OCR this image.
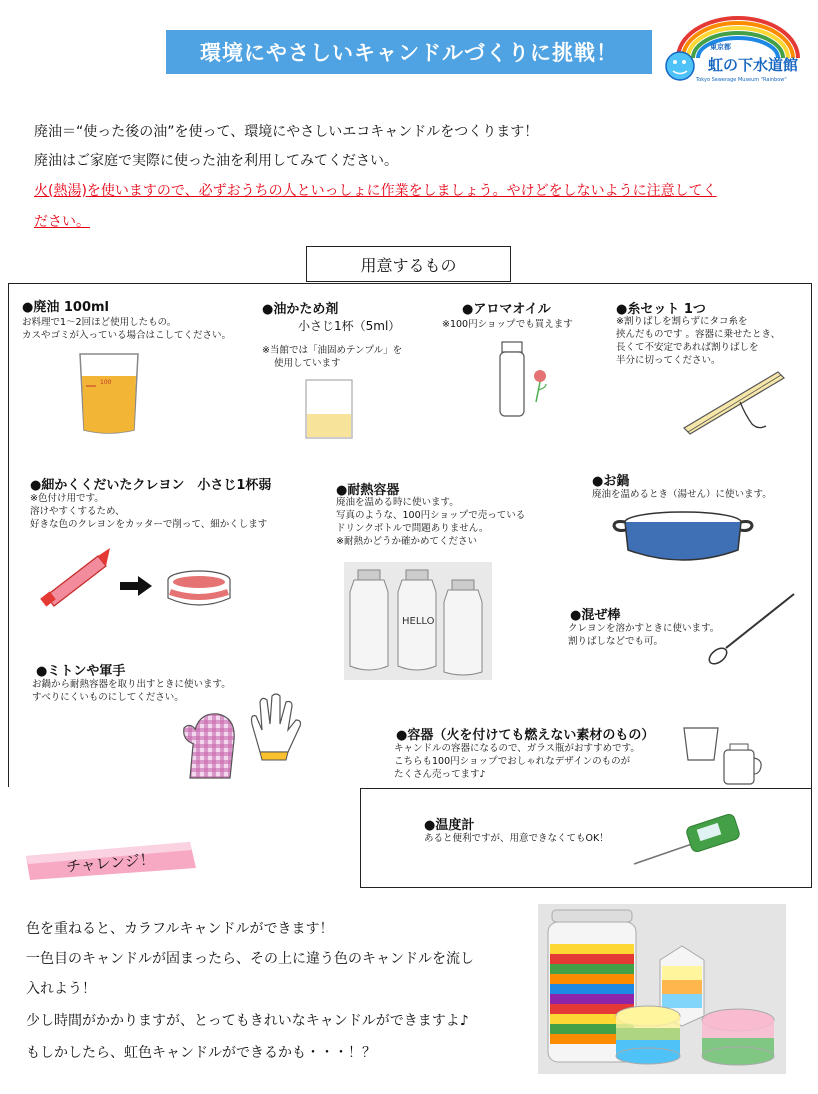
環境にやさしいキャンドルづくりに挑戦！	東京都
虹の下水道館
Tokyo Sewerage Museum "Rainbow"
廃油＝“使った後の油”を使って、環境にやさしいエコキャンドルをつくります！
廃油はご家庭で実際に使った油を利用してみてください。
火(熱湯)を使いますので、必ずおうちの人といっしょに作業をしましょう。やけどをしないように注意してく
ださい。
用意するもの
●廃油 100ml
お料理で1～2回ほど使用したもの。
カスやゴミが入っている場合はこしてください。
100
●油かため剤
小さじ1杯（5ml）
※当館では「油固めテンプル」を
使用しています
●アロマオイル
※100円ショップでも買えます
●糸セット 1つ
※割りばしを割らずにタコ糸を
挟んだものです 。容器に乗せたとき、
長くて不安定であれば割りばしを
半分に切ってください。
●細かくくだいたクレヨン　小さじ1杯弱
※色付け用です。
溶けやすくするため、
好きな色のクレヨンをカッターで削って、細かくします
●耐熱容器
廃油を温める時に使います。
写真のような、100円ショップで売っている
ドリンクボトルで問題ありません。
※耐熱かどうか確かめてください
HELLO
●お鍋
廃油を温めるとき（湯せん）に使います。
●混ぜ棒
クレヨンを溶かすときに使います。
割りばしなどでも可。
●ミトンや軍手
お鍋から耐熱容器を取り出すときに使います。
すべりにくいものにしてください。
●容器（火を付けても燃えない素材のもの）
キャンドルの容器になるので、ガラス瓶がおすすめです。
こちらも100円ショップでおしゃれなデザインのものが
たくさん売ってます♪
●温度計
あると便利ですが、用意できなくてもOK！
チャレンジ！
色を重ねると、カラフルキャンドルができます！
一色目のキャンドルが固まったら、その上に違う色のキャンドルを流し
入れよう！
少し時間がかかりますが、とってもきれいなキャンドルができますよ♪
もしかしたら、虹色キャンドルができるかも・・・！？
